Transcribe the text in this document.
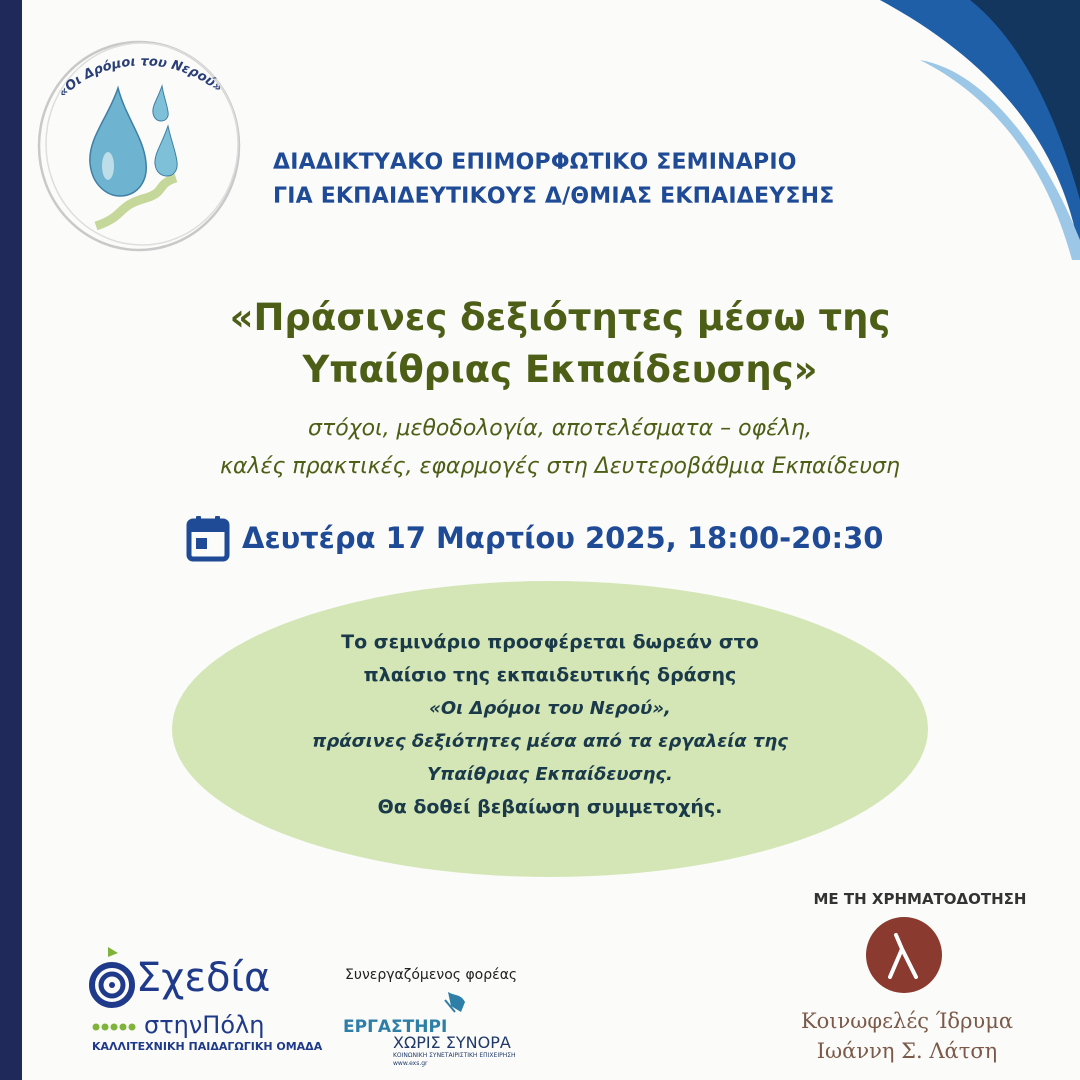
«Οι Δρόμοι του Νερού»
ΔΙΑΔΙΚΤΥΑΚΟ ΕΠΙΜΟΡΦΩΤΙΚΟ ΣΕΜΙΝΑΡΙΟ
ΓΙΑ ΕΚΠΑΙΔΕΥΤΙΚΟΥΣ Δ/ΘΜΙΑΣ ΕΚΠΑΙΔΕΥΣΗΣ
«Πράσινες δεξιότητες μέσω της
Υπαίθριας Εκπαίδευσης»
στόχοι, μεθοδολογία, αποτελέσματα – οφέλη,
καλές πρακτικές, εφαρμογές στη Δευτεροβάθμια Εκπαίδευση
Δευτέρα 17 Μαρτίου 2025, 18:00-20:30
Το σεμινάριο προσφέρεται δωρεάν στο
πλαίσιο της εκπαιδευτικής δράσης
«Οι Δρόμοι του Νερού»,
πράσινες δεξιότητες μέσα από τα εργαλεία της
Υπαίθριας Εκπαίδευσης.
Θα δοθεί βεβαίωση συμμετοχής.
ΜΕ ΤΗ ΧΡΗΜΑΤΟΔΟΤΗΣΗ
Κοινωφελές Ίδρυμα
Ιωάννη Σ. Λάτση
Συνεργαζόμενος φορέας
ΕΡΓΑΣΤΗΡΙ
ΧΩΡΙΣ ΣΥΝΟΡΑ
ΚΟΙΝΩΝΙΚΗ ΣΥΝΕΤΑΙΡΙΣΤΙΚΗ ΕΠΙΧΕΙΡΗΣΗ
www.exs.gr
Σχεδία
στηνΠόλη
ΚΑΛΛΙΤΕΧΝΙΚΗ ΠΑΙΔΑΓΩΓΙΚΗ ΟΜΑΔΑ
